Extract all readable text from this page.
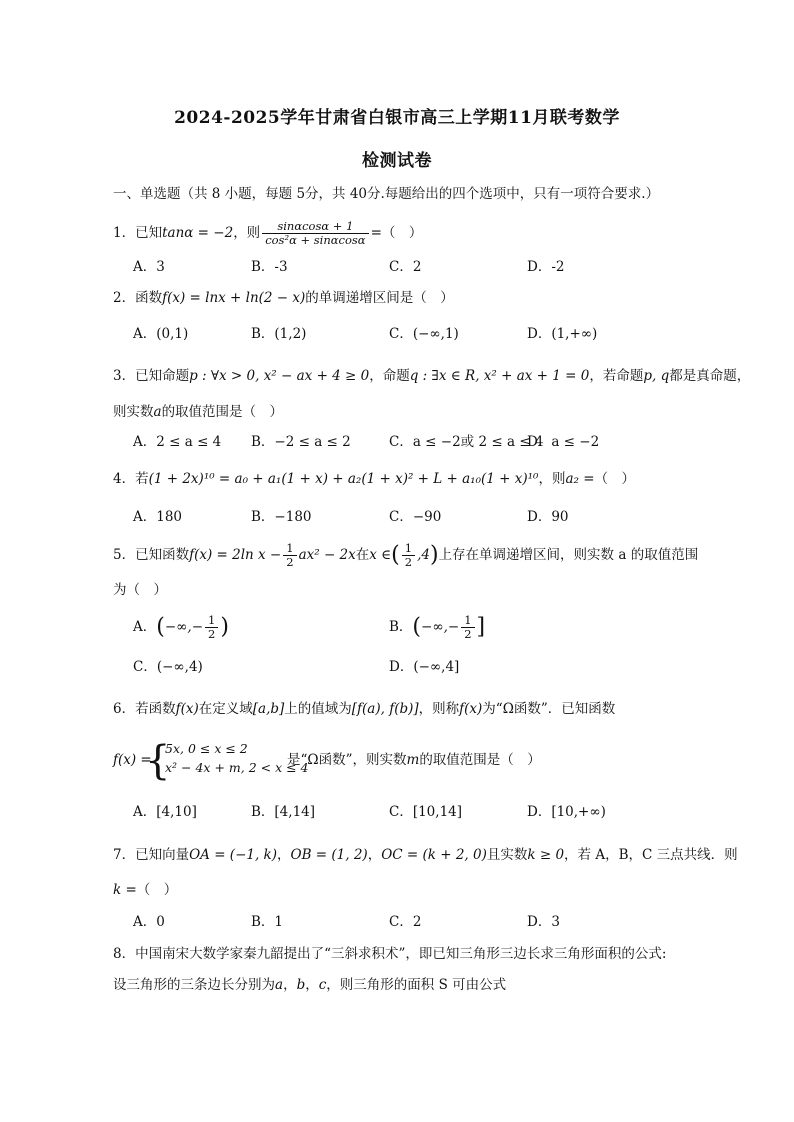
2024-2025学年甘肃省白银市高三上学期11月联考数学
检测试卷
一、单选题（共 8 小题，每题 5分，共 40分.每题给出的四个选项中，只有一项符合要求.）
1．已知tanα = −2，则 $\frac{\sin\alpha\cos\alpha + 1}{\text{cos²α + sinαcosα}}$ =（　）
A．3	B．-3	C．2	D．-2
2．函数f(x) = lnx + ln(2 − x)的单调递增区间是（　）
A．(0,1)	B．(1,2)	C．(−∞,1)	D．(1,+∞)
3．已知命题p : ∀x > 0, x² − ax + 4 ≥ 0，命题q : ∃x ∈ R, x² + ax + 1 = 0，若命题p, q都是真命题，
则实数a的取值范围是（　）
A．2 ≤ a ≤ 4 B．−2 ≤ a ≤ 2	C．a ≤ −2或 2 ≤ a ≤ 4
D．a ≤ −2
4．若(1 + 2x)¹⁰ = a₀ + a₁(1 + x) + a₂(1 + x)² + L + a₁₀(1 + x)¹⁰，则a₂ =（　）
A．180	B．−180	C．−90	D．90
5．已知函数f(x) = 2ln $x - \frac{1}{2} ax^2 - 2x$在x ∈( $\frac{1}{2} ,4$)上存在单调递增区间，则实数 a 的取值范围
为（　）
A．(−∞,− $\frac{1}{2}$ )	B．(−∞,− $\frac{1}{2}$ ]
C．(−∞,4)	D．(−∞,4]
6．若函数f(x)在定义域[a,b]上的值域为[f(a), f(b)]，则称f(x)为“Ω函数”．已知函数
f(x) =
{
5x, 0 ≤ x ≤ 2
x² − 4x + m, 2 < x ≤ 4
是“Ω函数”，则实数m的取值范围是（　）
A．[4,10]	B．[4,14]	C．[10,14]	D．[10,+∞)
7．已知向量OA = (−1, k)，OB = (1, 2)，OC = (k + 2, 0)且实数k ≥ 0，若 A，B，C 三点共线．则
k =（　）
A．0	B．1	C．2	D．3
8．中国南宋大数学家秦九韶提出了“三斜求积术”，即已知三角形三边长求三角形面积的公式:
设三角形的三条边长分别为a，b，c，则三角形的面积 S 可由公式
